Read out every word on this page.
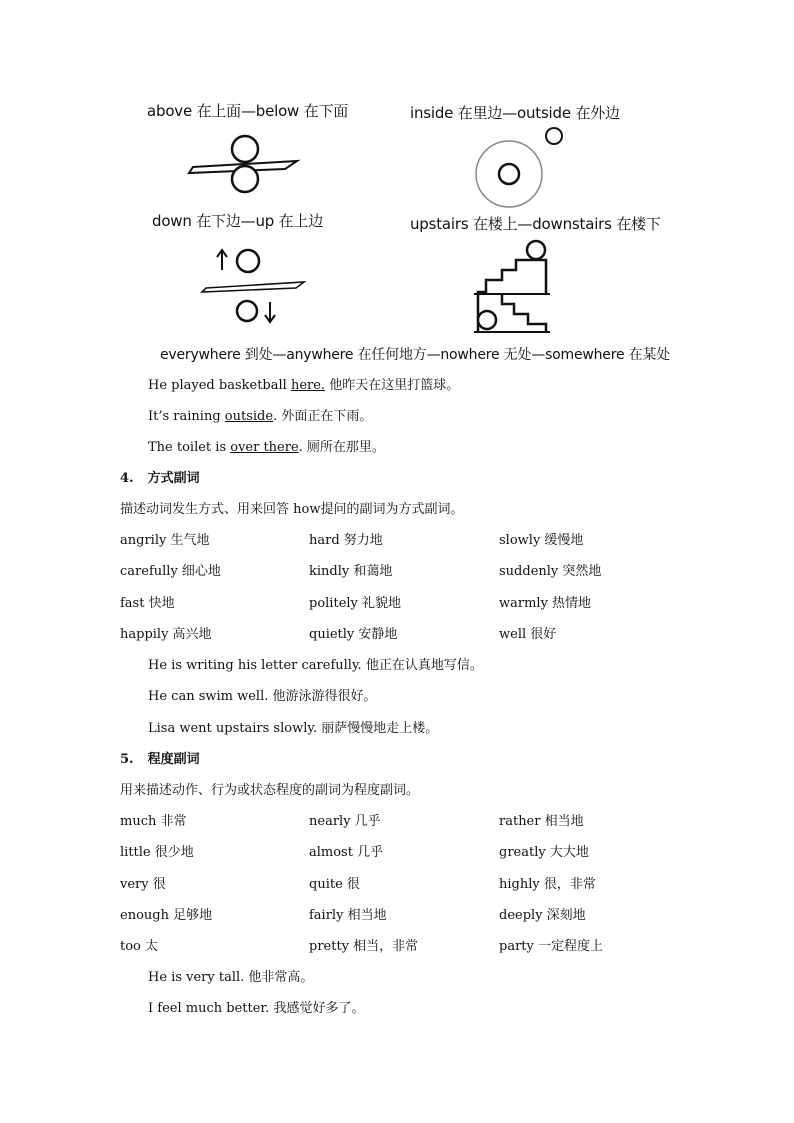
above 在上面—below 在下面	inside 在里边—outside 在外边
down 在下边—up 在上边	upstairs 在楼上—downstairs 在楼下
everywhere 到处—anywhere 在任何地方—nowhere 无处—somewhere 在某处
He played basketball here. 他昨天在这里打篮球。
It’s raining outside. 外面正在下雨。
The toilet is over there. 厕所在那里。
4. 方式副词
描述动词发生方式、用来回答 how提问的副词为方式副词。
angrily 生气地	hard 努力地	slowly 缓慢地
carefully 细心地	kindly 和蔼地	suddenly 突然地
fast 快地	politely 礼貌地	warmly 热情地
happily 高兴地	quietly 安静地	well 很好
He is writing his letter carefully. 他正在认真地写信。
He can swim well. 他游泳游得很好。
Lisa went upstairs slowly. 丽萨慢慢地走上楼。
5. 程度副词
用来描述动作、行为或状态程度的副词为程度副词。
much 非常	nearly 几乎	rather 相当地
little 很少地	almost 几乎	greatly 大大地
very 很	quite 很	highly 很，非常
enough 足够地	fairly 相当地	deeply 深刻地
too 太	pretty 相当，非常	party 一定程度上
He is very tall. 他非常高。
I feel much better. 我感觉好多了。
